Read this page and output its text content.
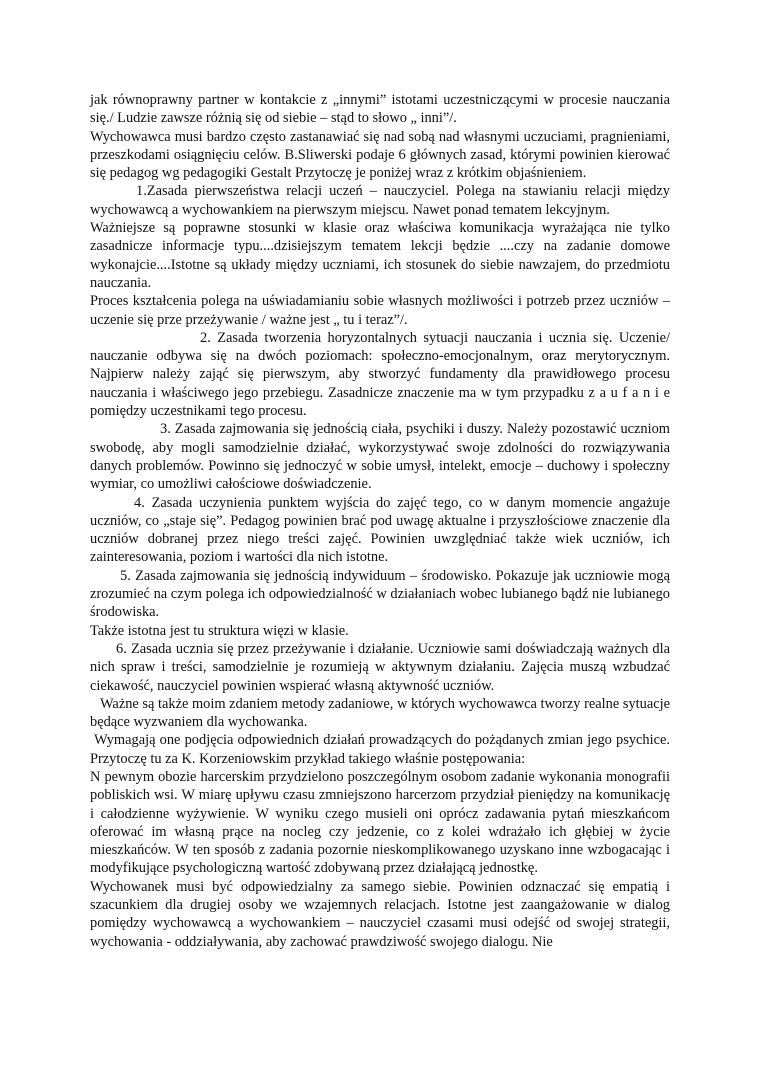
jak równoprawny partner w kontakcie z „innymi” istotami uczestniczącymi w procesie nauczania się./ Ludzie zawsze różnią się od siebie – stąd to słowo „ inni”/.

Wychowawca musi bardzo często zastanawiać się nad sobą nad własnymi uczuciami, pragnieniami, przeszkodami osiągnięciu celów. B.Sliwerski podaje 6 głównych zasad, którymi powinien kierować się pedagog wg pedagogiki Gestalt Przytoczę je poniżej wraz z krótkim objaśnieniem.

1.Zasada pierwszeństwa relacji uczeń – nauczyciel. Polega na stawianiu relacji między wychowawcą a wychowankiem na pierwszym miejscu. Nawet ponad tematem lekcyjnym.

Ważniejsze są poprawne stosunki w klasie oraz właściwa komunikacja wyrażająca nie tylko zasadnicze informacje typu....dzisiejszym tematem lekcji będzie ....czy na zadanie domowe wykonajcie....Istotne są układy między uczniami, ich stosunek do siebie nawzajem, do przedmiotu nauczania.

Proces kształcenia polega na uświadamianiu sobie własnych możliwości i potrzeb przez uczniów – uczenie się prze przeżywanie / ważne jest „ tu i teraz”/.

2. Zasada tworzenia horyzontalnych sytuacji nauczania i ucznia się. Uczenie/ nauczanie odbywa się na dwóch poziomach: społeczno-emocjonalnym, oraz merytorycznym. Najpierw należy zająć się pierwszym, aby stworzyć fundamenty dla prawidłowego procesu nauczania i właściwego jego przebiegu. Zasadnicze znaczenie ma w tym przypadku z a u f a n i e pomiędzy uczestnikami tego procesu.

3. Zasada zajmowania się jednością ciała, psychiki i duszy. Należy pozostawić uczniom swobodę, aby mogli samodzielnie działać, wykorzystywać swoje zdolności do rozwiązywania danych problemów. Powinno się jednoczyć w sobie umysł, intelekt, emocje – duchowy i społeczny wymiar, co umożliwi całościowe doświadczenie.

4. Zasada uczynienia punktem wyjścia do zajęć tego, co w danym momencie angażuje uczniów, co „staje się”. Pedagog powinien brać pod uwagę aktualne i przyszłościowe znaczenie dla uczniów dobranej przez niego treści zajęć. Powinien uwzględniać także wiek uczniów, ich zainteresowania, poziom i wartości dla nich istotne.

5. Zasada zajmowania się jednością indywiduum – środowisko. Pokazuje jak uczniowie mogą zrozumieć na czym polega ich odpowiedzialność w działaniach wobec lubianego bądź nie lubianego środowiska.

Także istotna jest tu struktura więzi w klasie.

6. Zasada ucznia się przez przeżywanie i działanie. Uczniowie sami doświadczają ważnych dla nich spraw i treści, samodzielnie je rozumieją w aktywnym działaniu. Zajęcia muszą wzbudzać ciekawość, nauczyciel powinien wspierać własną aktywność uczniów.

Ważne są także moim zdaniem metody zadaniowe, w których wychowawca tworzy realne sytuacje będące wyzwaniem dla wychowanka.

Wymagają one podjęcia odpowiednich działań prowadzących do pożądanych zmian jego psychice. Przytoczę tu za K. Korzeniowskim przykład takiego właśnie postępowania:

N pewnym obozie harcerskim przydzielono poszczególnym osobom zadanie wykonania monografii pobliskich wsi. W miarę upływu czasu zmniejszono harcerzom przydział pieniędzy na komunikację i całodzienne wyżywienie. W wyniku czego musieli oni oprócz zadawania pytań mieszkańcom oferować im własną prące na nocleg czy jedzenie, co z kolei wdrażało ich głębiej w życie mieszkańców. W ten sposób z zadania pozornie nieskomplikowanego uzyskano inne wzbogacając i modyfikujące psychologiczną wartość zdobywaną przez działającą jednostkę.

Wychowanek musi być odpowiedzialny za samego siebie. Powinien odznaczać się empatią i szacunkiem dla drugiej osoby we wzajemnych relacjach. Istotne jest zaangażowanie w dialog pomiędzy wychowawcą a wychowankiem – nauczyciel czasami musi odejść od swojej strategii, wychowania - oddziaływania, aby zachować prawdziwość swojego dialogu. Nie
